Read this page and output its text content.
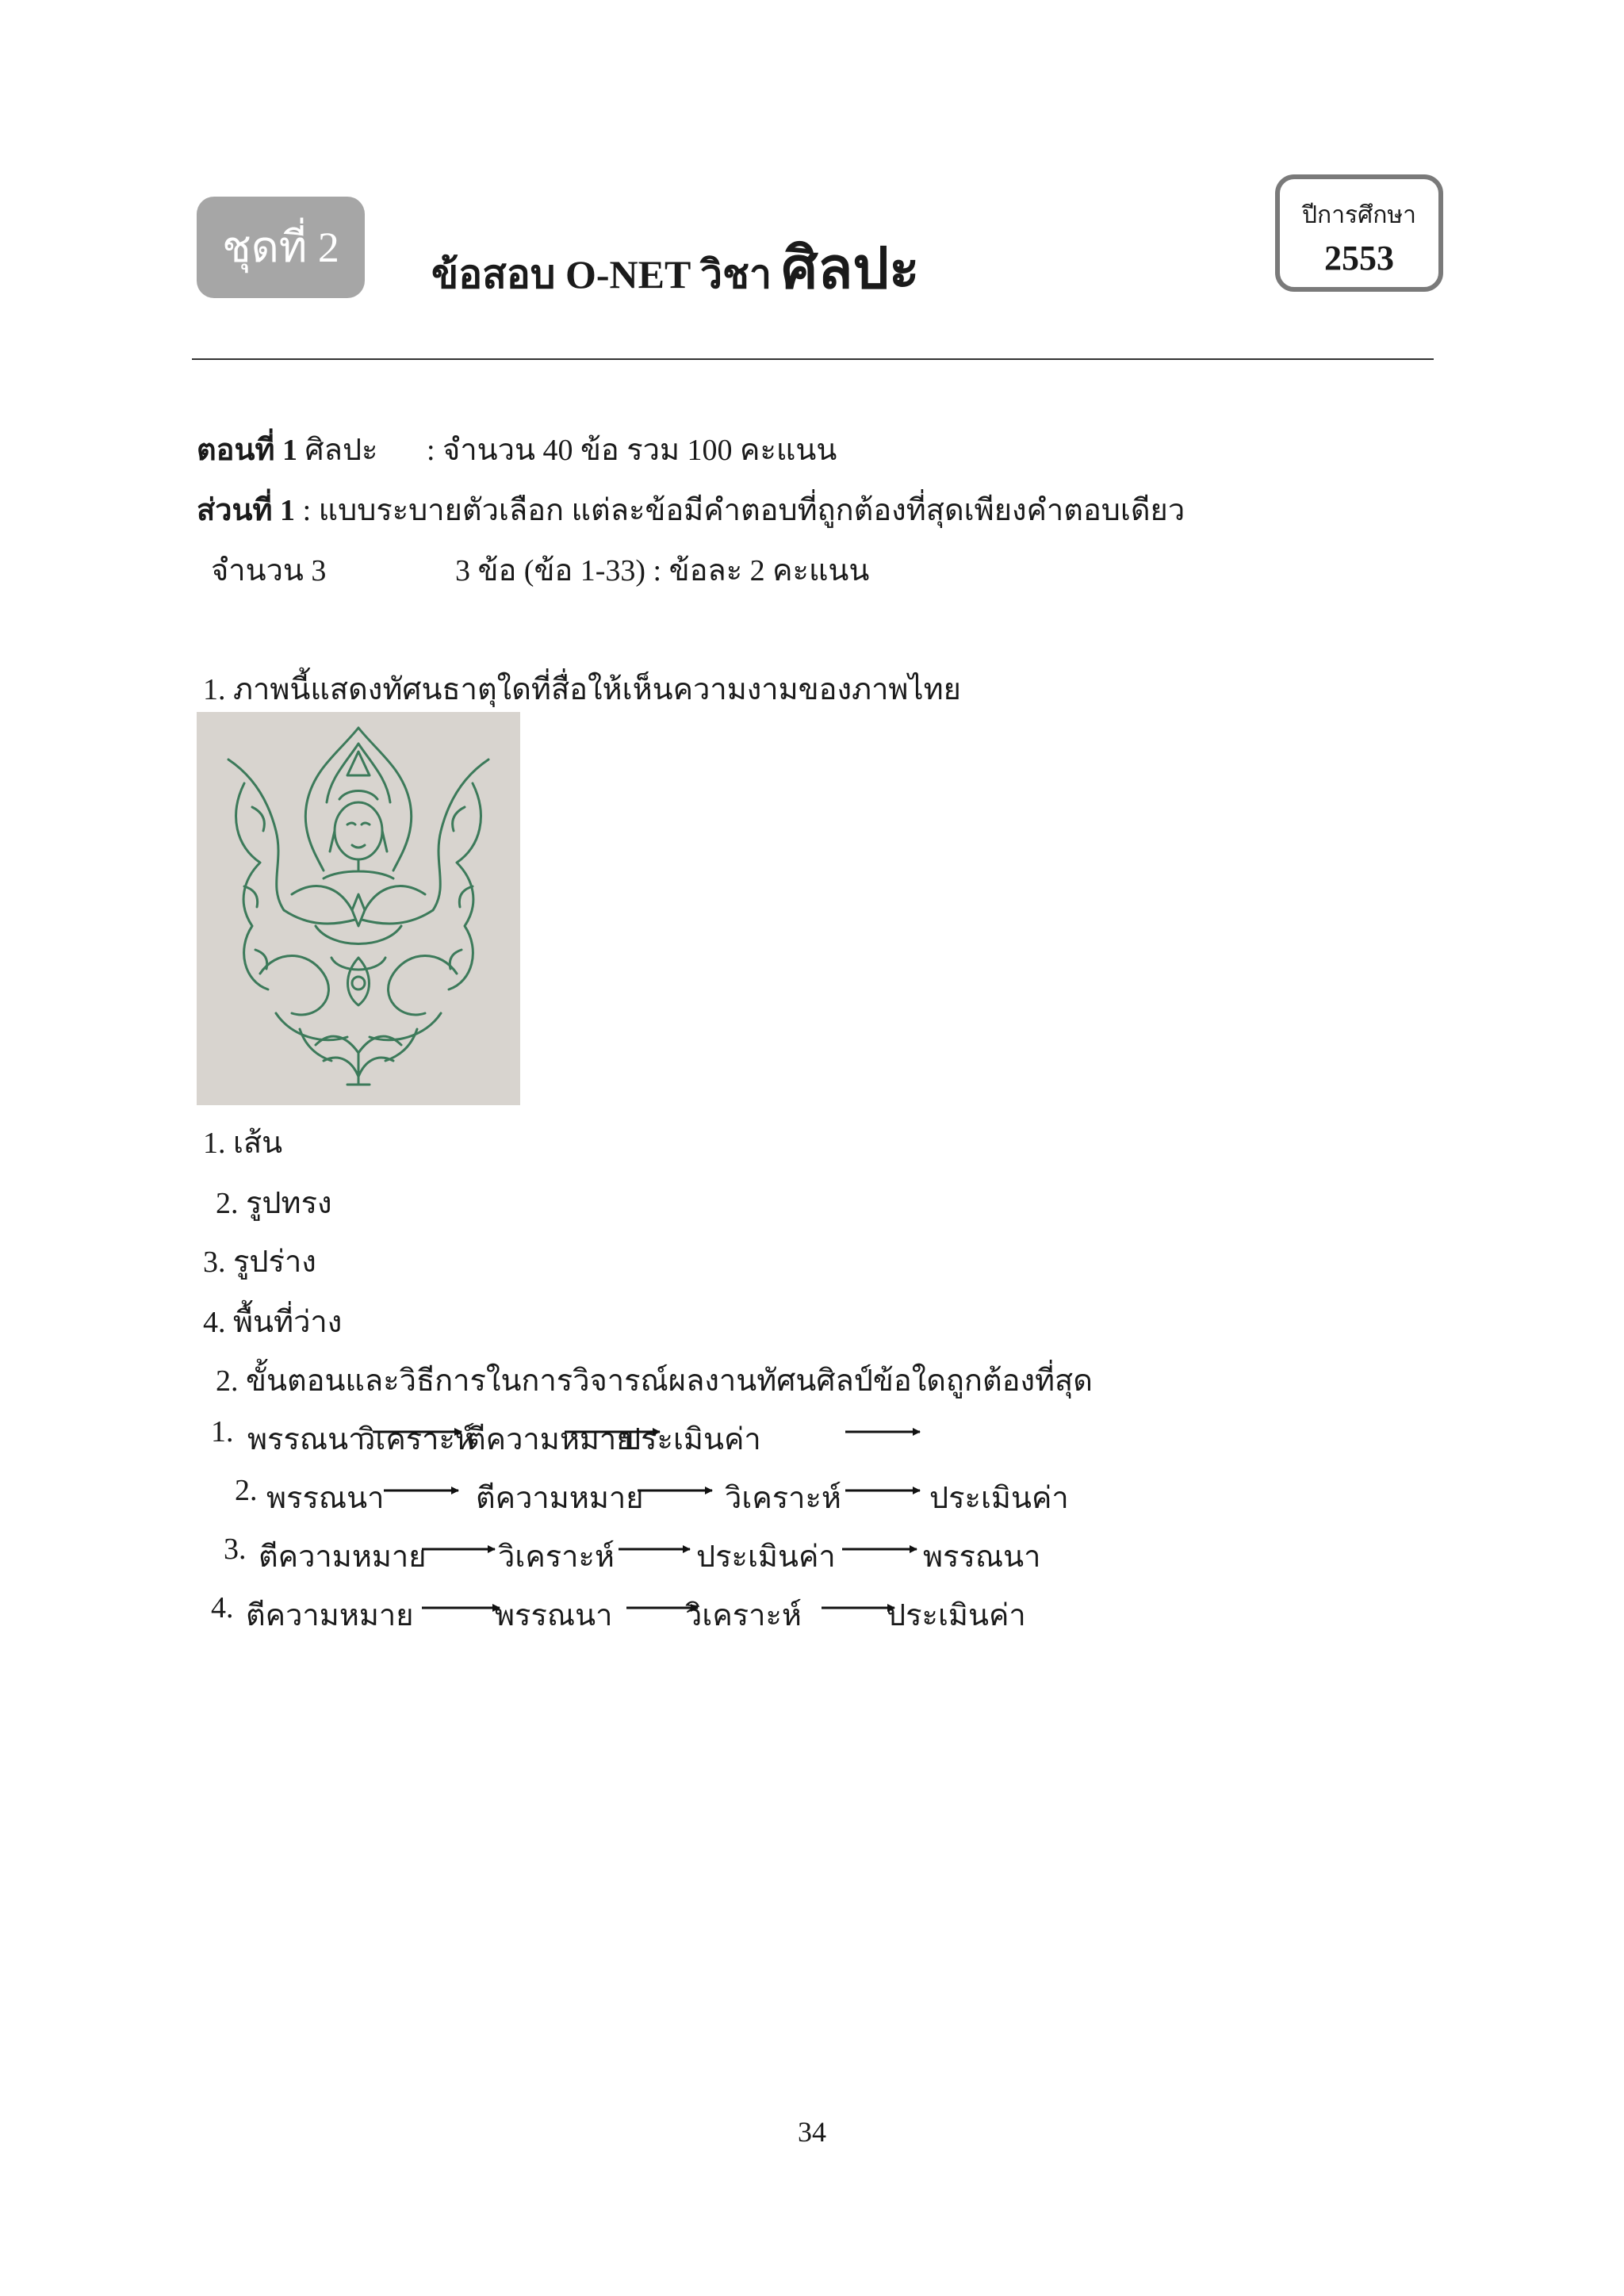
ชุดที่ 2
ข้อสอบ O-NET วิชา ศิลปะ
ปีการศึกษา
2553
ตอนที่ 1 ศิลปะ : จำนวน 40 ข้อ รวม 100 คะแนน
ส่วนที่ 1 : แบบระบายตัวเลือก แต่ละข้อมีคำตอบที่ถูกต้องที่สุดเพียงคำตอบเดียว
จำนวน 3	3 ข้อ (ข้อ 1-33) : ข้อละ 2 คะแนน
1. ภาพนี้แสดงทัศนธาตุใดที่สื่อให้เห็นความงามของภาพไทย
1. เส้น
2. รูปทรง
3. รูปร่าง
4. พื้นที่ว่าง
2. ขั้นตอนและวิธีการในการวิจารณ์ผลงานทัศนศิลป์ข้อใดถูกต้องที่สุด
1. พรรณนา
วิเคราะห์
ตีความหมาย
ประเมินค่า
2. พรรณนา	ตีความหมาย	วิเคราะห์	ประเมินค่า
3. ตีความหมาย วิเคราะห์	ประเมินค่า	พรรณนา
4. ตีความหมาย	พรรณนา วิเคราะห์	ประเมินค่า
34
